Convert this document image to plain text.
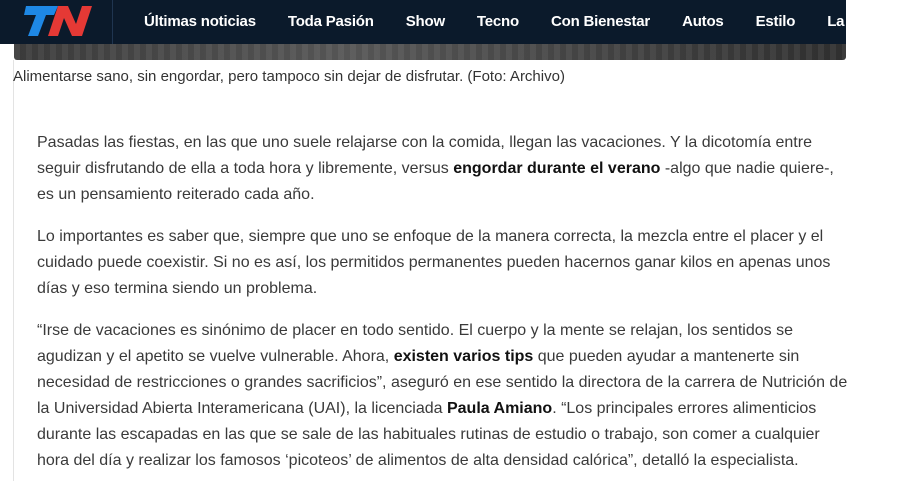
Últimas noticias	Toda Pasión	Show	Tecno	Con Bienestar	Autos	Estilo	La Viola
Alimentarse sano, sin engordar, pero tampoco sin dejar de disfrutar. (Foto: Archivo)

Pasadas las fiestas, en las que uno suele relajarse con la comida, llegan las vacaciones. Y la dicotomía entre seguir disfrutando de ella a toda hora y libremente, versus engordar durante el verano -algo que nadie quiere-, es un pensamiento reiterado cada año.

Lo importantes es saber que, siempre que uno se enfoque de la manera correcta, la mezcla entre el placer y el cuidado puede coexistir. Si no es así, los permitidos permanentes pueden hacernos ganar kilos en apenas unos días y eso termina siendo un problema.

“Irse de vacaciones es sinónimo de placer en todo sentido. El cuerpo y la mente se relajan, los sentidos se agudizan y el apetito se vuelve vulnerable. Ahora, existen varios tips que pueden ayudar a mantenerte sin necesidad de restricciones o grandes sacrificios”, aseguró en ese sentido la directora de la carrera de Nutrición de la Universidad Abierta Interamericana (UAI), la licenciada Paula Amiano. “Los principales errores alimenticios durante las escapadas en las que se sale de las habituales rutinas de estudio o trabajo, son comer a cualquier hora del día y realizar los famosos ‘picoteos’ de alimentos de alta densidad calórica”, detalló la especialista.
